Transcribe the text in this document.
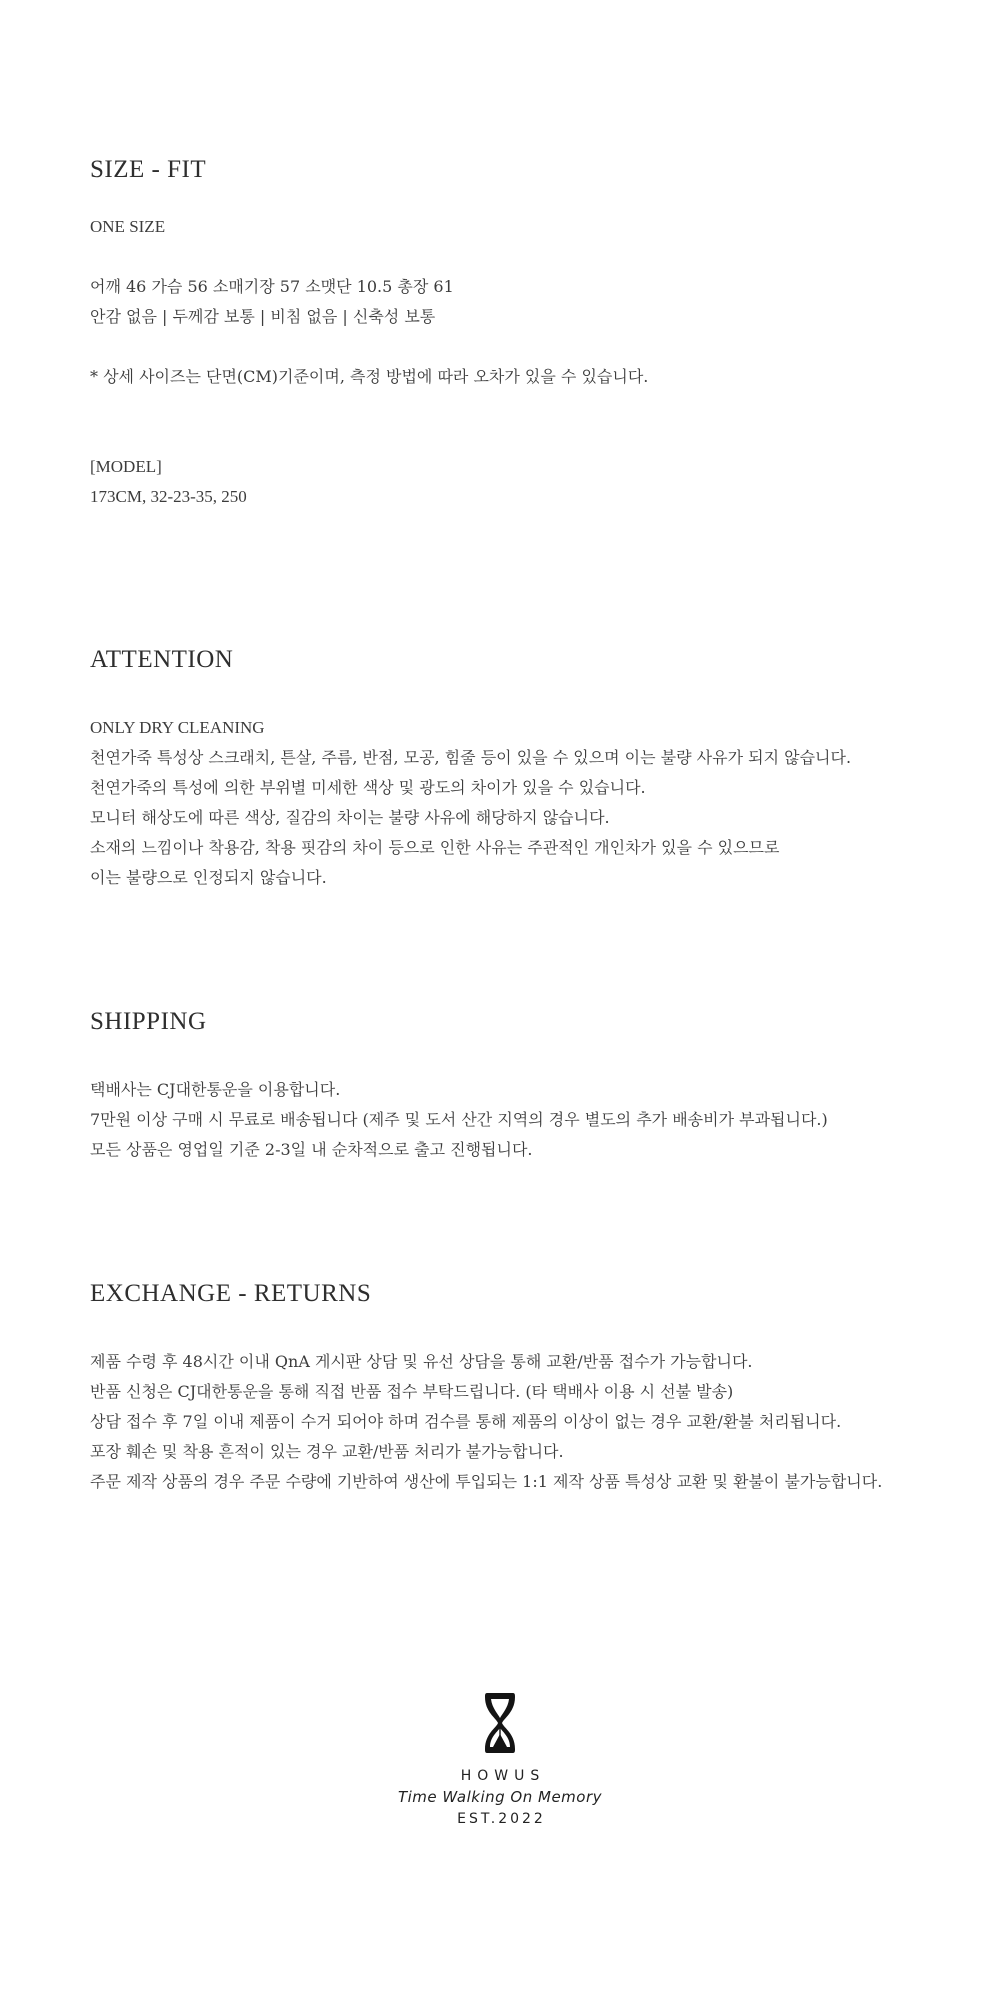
SIZE - FIT

ONE SIZE

어깨 46 가슴 56 소매기장 57 소맷단 10.5 총장 61

안감 없음 | 두께감 보통 | 비침 없음 | 신축성 보통

* 상세 사이즈는 단면(CM)기준이며, 측정 방법에 따라 오차가 있을 수 있습니다.

[MODEL]

173CM, 32-23-35, 250

ATTENTION

ONLY DRY CLEANING

천연가죽 특성상 스크래치, 튼살, 주름, 반점, 모공, 힘줄 등이 있을 수 있으며 이는 불량 사유가 되지 않습니다.

천연가죽의 특성에 의한 부위별 미세한 색상 및 광도의 차이가 있을 수 있습니다.

모니터 해상도에 따른 색상, 질감의 차이는 불량 사유에 해당하지 않습니다.

소재의 느낌이나 착용감, 착용 핏감의 차이 등으로 인한 사유는 주관적인 개인차가 있을 수 있으므로

이는 불량으로 인정되지 않습니다.

SHIPPING

택배사는 CJ대한통운을 이용합니다.

7만원 이상 구매 시 무료로 배송됩니다 (제주 및 도서 산간 지역의 경우 별도의 추가 배송비가 부과됩니다.)

모든 상품은 영업일 기준 2-3일 내 순차적으로 출고 진행됩니다.

EXCHANGE - RETURNS

제품 수령 후 48시간 이내 QnA 게시판 상담 및 유선 상담을 통해 교환/반품 접수가 가능합니다.

반품 신청은 CJ대한통운을 통해 직접 반품 접수 부탁드립니다. (타 택배사 이용 시 선불 발송)

상담 접수 후 7일 이내 제품이 수거 되어야 하며 검수를 통해 제품의 이상이 없는 경우 교환/환불 처리됩니다.

포장 훼손 및 착용 흔적이 있는 경우 교환/반품 처리가 불가능합니다.

주문 제작 상품의 경우 주문 수량에 기반하여 생산에 투입되는 1:1 제작 상품 특성상 교환 및 환불이 불가능합니다.

HOWUS
Time Walking On Memory
EST.2022
